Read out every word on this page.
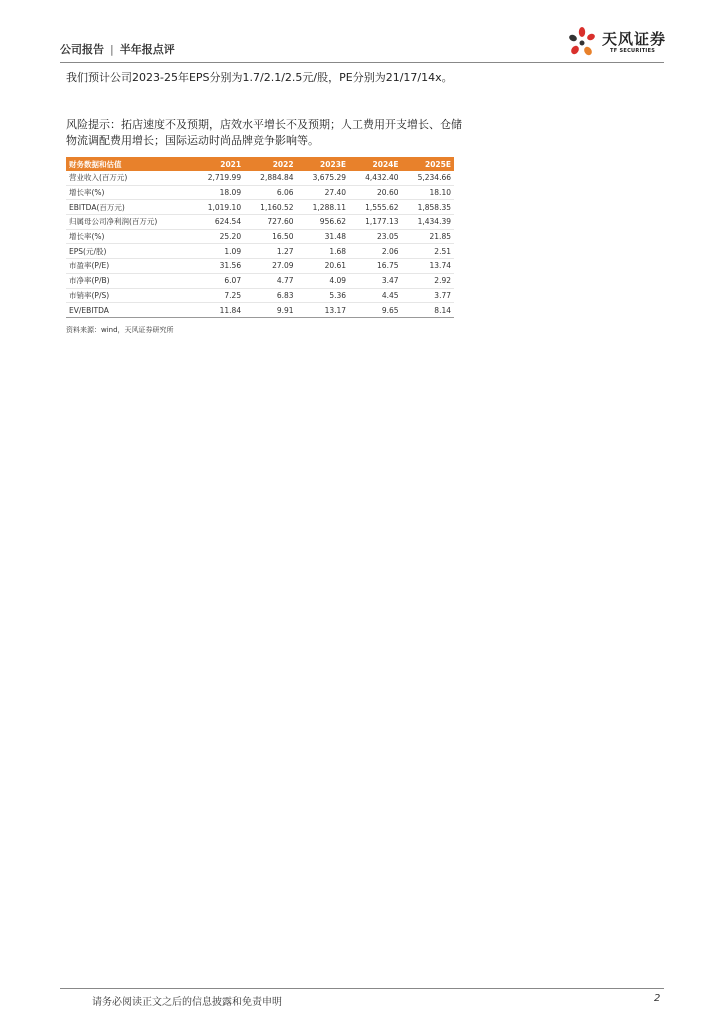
公司报告 | 半年报点评
天风证券
TF SECURITIES
我们预计公司2023-25年EPS分别为1.7/2.1/2.5元/股，PE分别为21/17/14x。
风险提示：拓店速度不及预期，店效水平增长不及预期；人工费用开支增长、仓储物流调配费用增长；国际运动时尚品牌竞争影响等。
财务数据和估值	2021	2022	2023E	2024E	2025E
营业收入(百万元)	2,719.99	2,884.84	3,675.29	4,432.40	5,234.66
增长率(%)	18.09	6.06	27.40	20.60	18.10
EBITDA(百万元)	1,019.10	1,160.52	1,288.11	1,555.62	1,858.35
归属母公司净利润(百万元)	624.54	727.60	956.62	1,177.13	1,434.39
增长率(%)	25.20	16.50	31.48	23.05	21.85
EPS(元/股)	1.09	1.27	1.68	2.06	2.51
市盈率(P/E)	31.56	27.09	20.61	16.75	13.74
市净率(P/B)	6.07	4.77	4.09	3.47	2.92
市销率(P/S)	7.25	6.83	5.36	4.45	3.77
EV/EBITDA	11.84	9.91	13.17	9.65	8.14
资料来源：wind，天风证券研究所
请务必阅读正文之后的信息披露和免责申明	2
